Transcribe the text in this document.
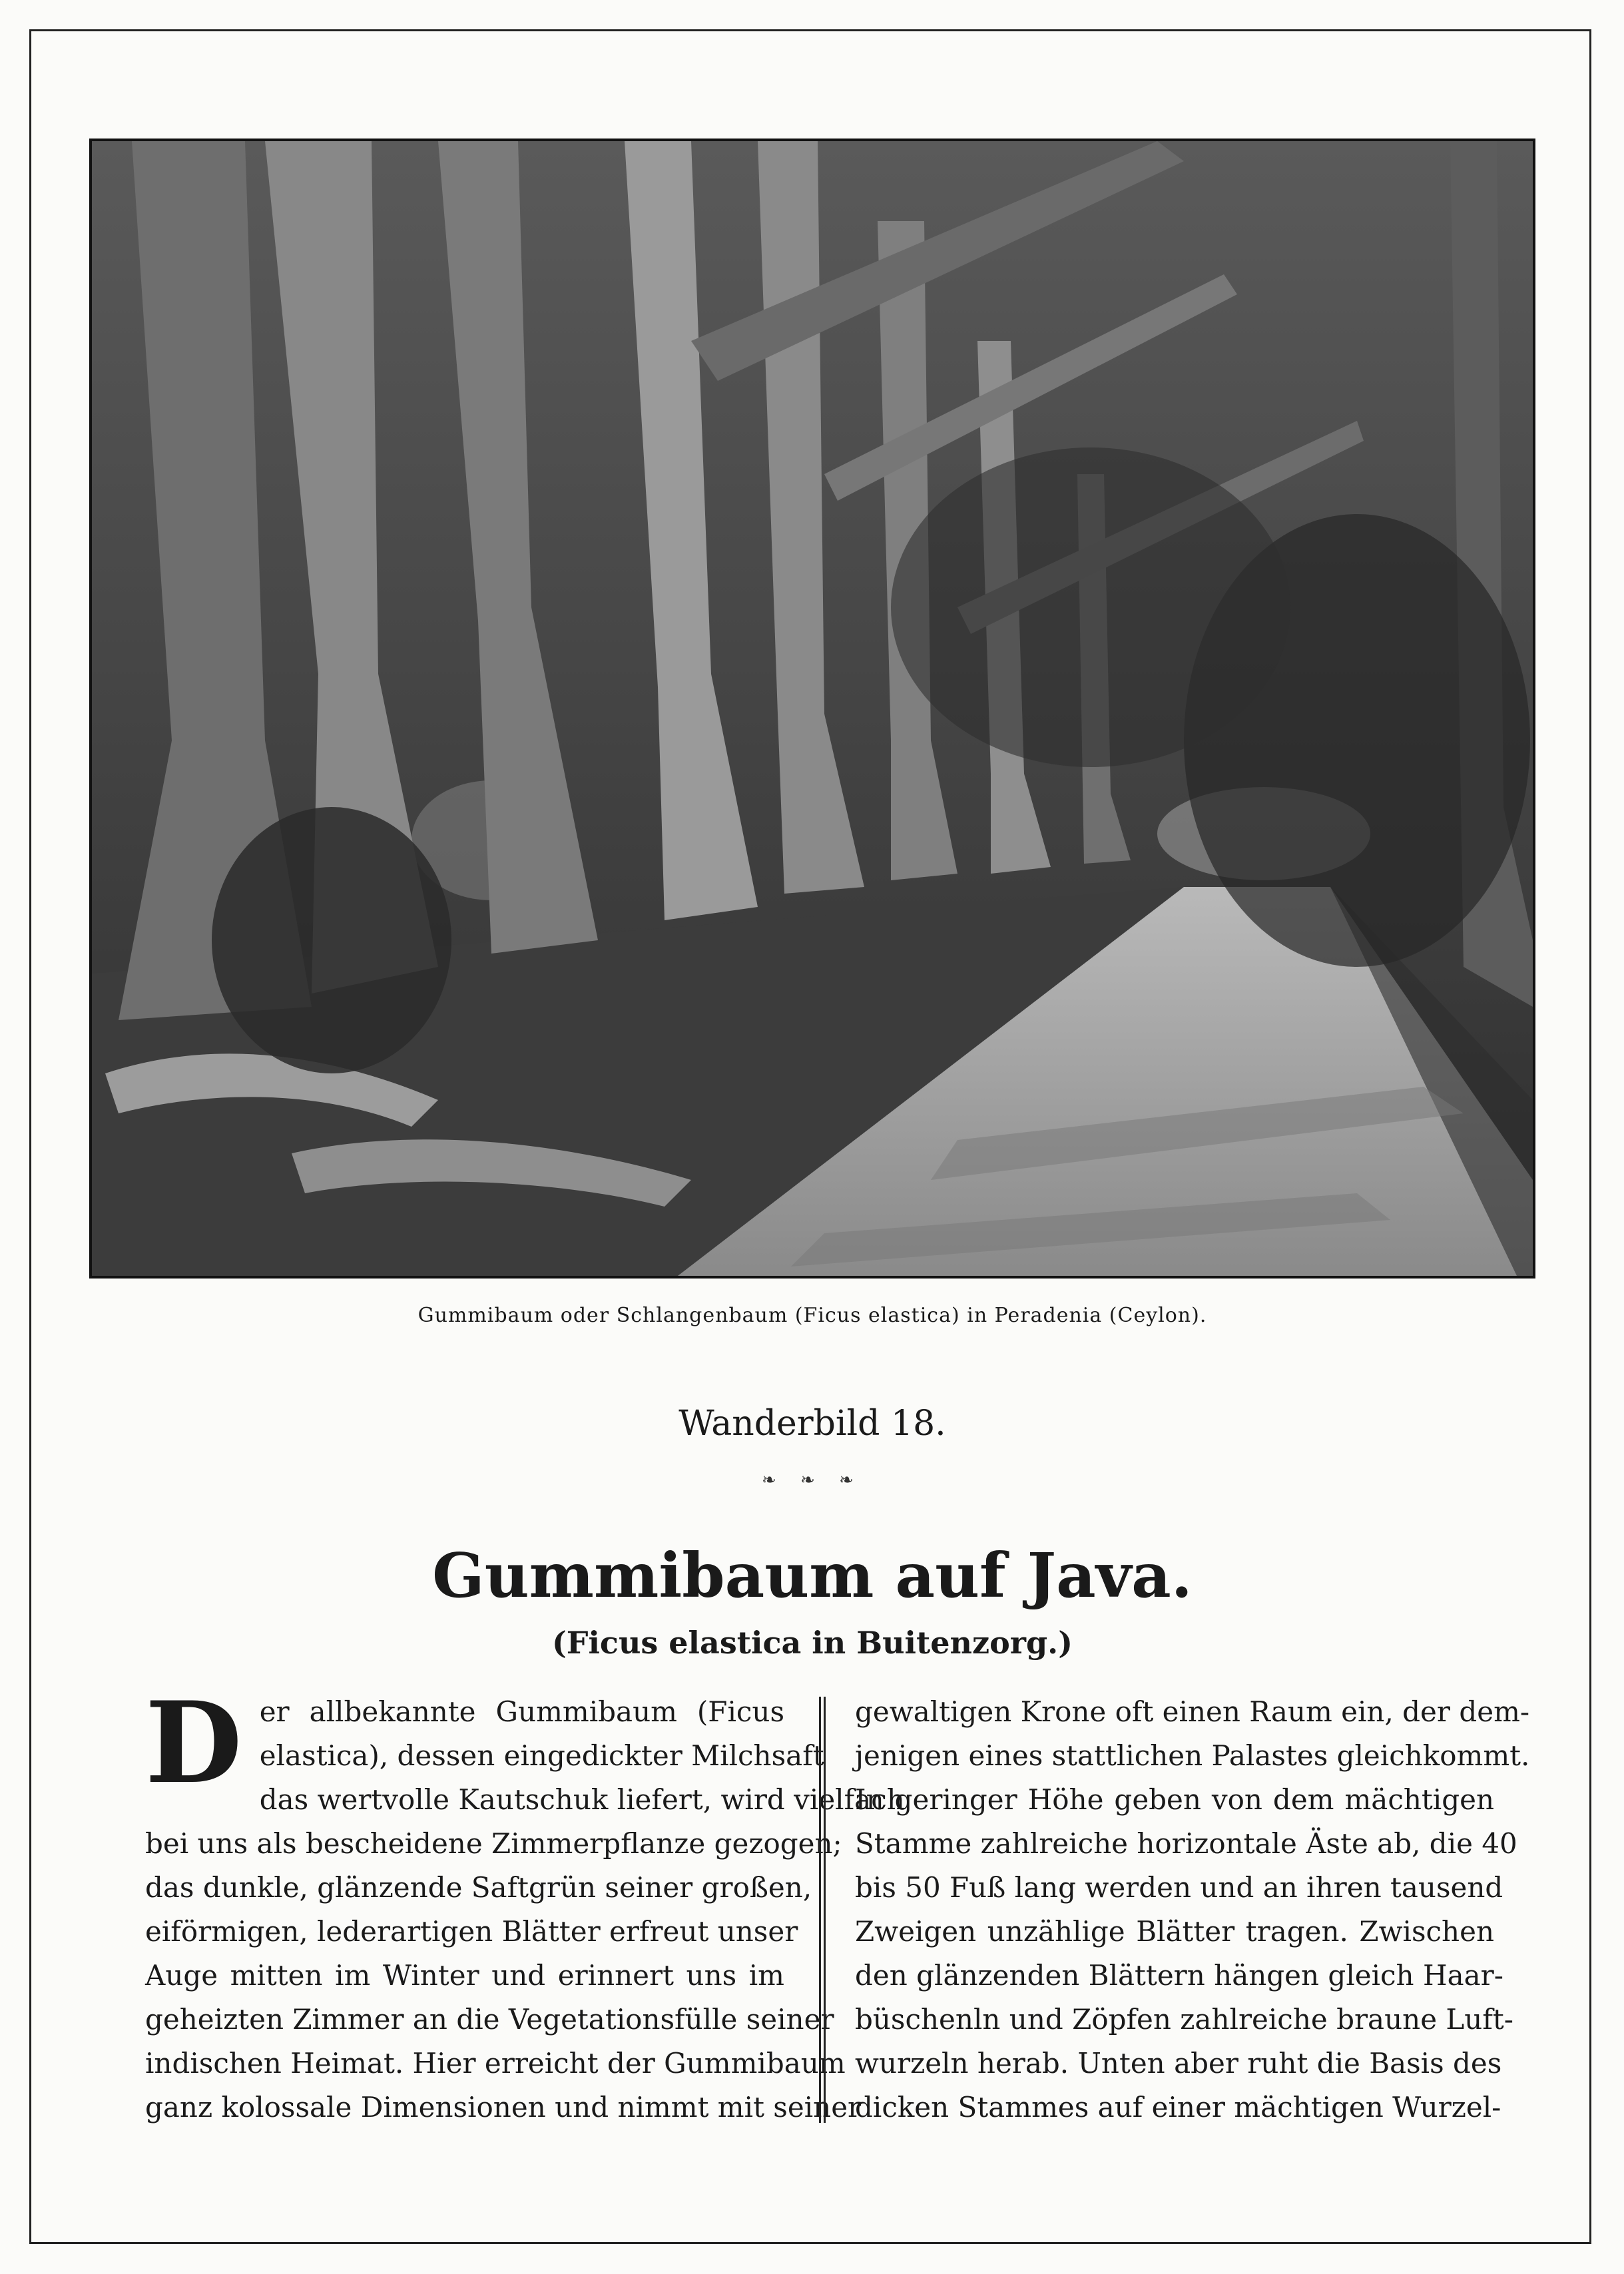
Gummibaum oder Schlangenbaum (Ficus elastica) in Peradenia (Ceylon).
Wanderbild 18.
❧ ❧ ❧
Gummibaum auf Java.
(Ficus elastica in Buitenzorg.)
D er allbekannte Gummibaum (Ficus
elastica), dessen eingedickter Milchsaft
das wertvolle Kautschuk liefert, wird vielfach
bei uns als bescheidene Zimmerpflanze gezogen;
das dunkle, glänzende Saftgrün seiner großen,
eiförmigen, lederartigen Blätter erfreut unser
Auge mitten im Winter und erinnert uns im
geheizten Zimmer an die Vegetationsfülle seiner
indischen Heimat. Hier erreicht der Gummibaum
ganz kolossale Dimensionen und nimmt mit seiner
gewaltigen Krone oft einen Raum ein, der dem-
jenigen eines stattlichen Palastes gleichkommt.
In geringer Höhe geben von dem mächtigen
Stamme zahlreiche horizontale Äste ab, die 40
bis 50 Fuß lang werden und an ihren tausend
Zweigen unzählige Blätter tragen. Zwischen
den glänzenden Blättern hängen gleich Haar-
büschenln und Zöpfen zahlreiche braune Luft-
wurzeln herab. Unten aber ruht die Basis des
dicken Stammes auf einer mächtigen Wurzel-
